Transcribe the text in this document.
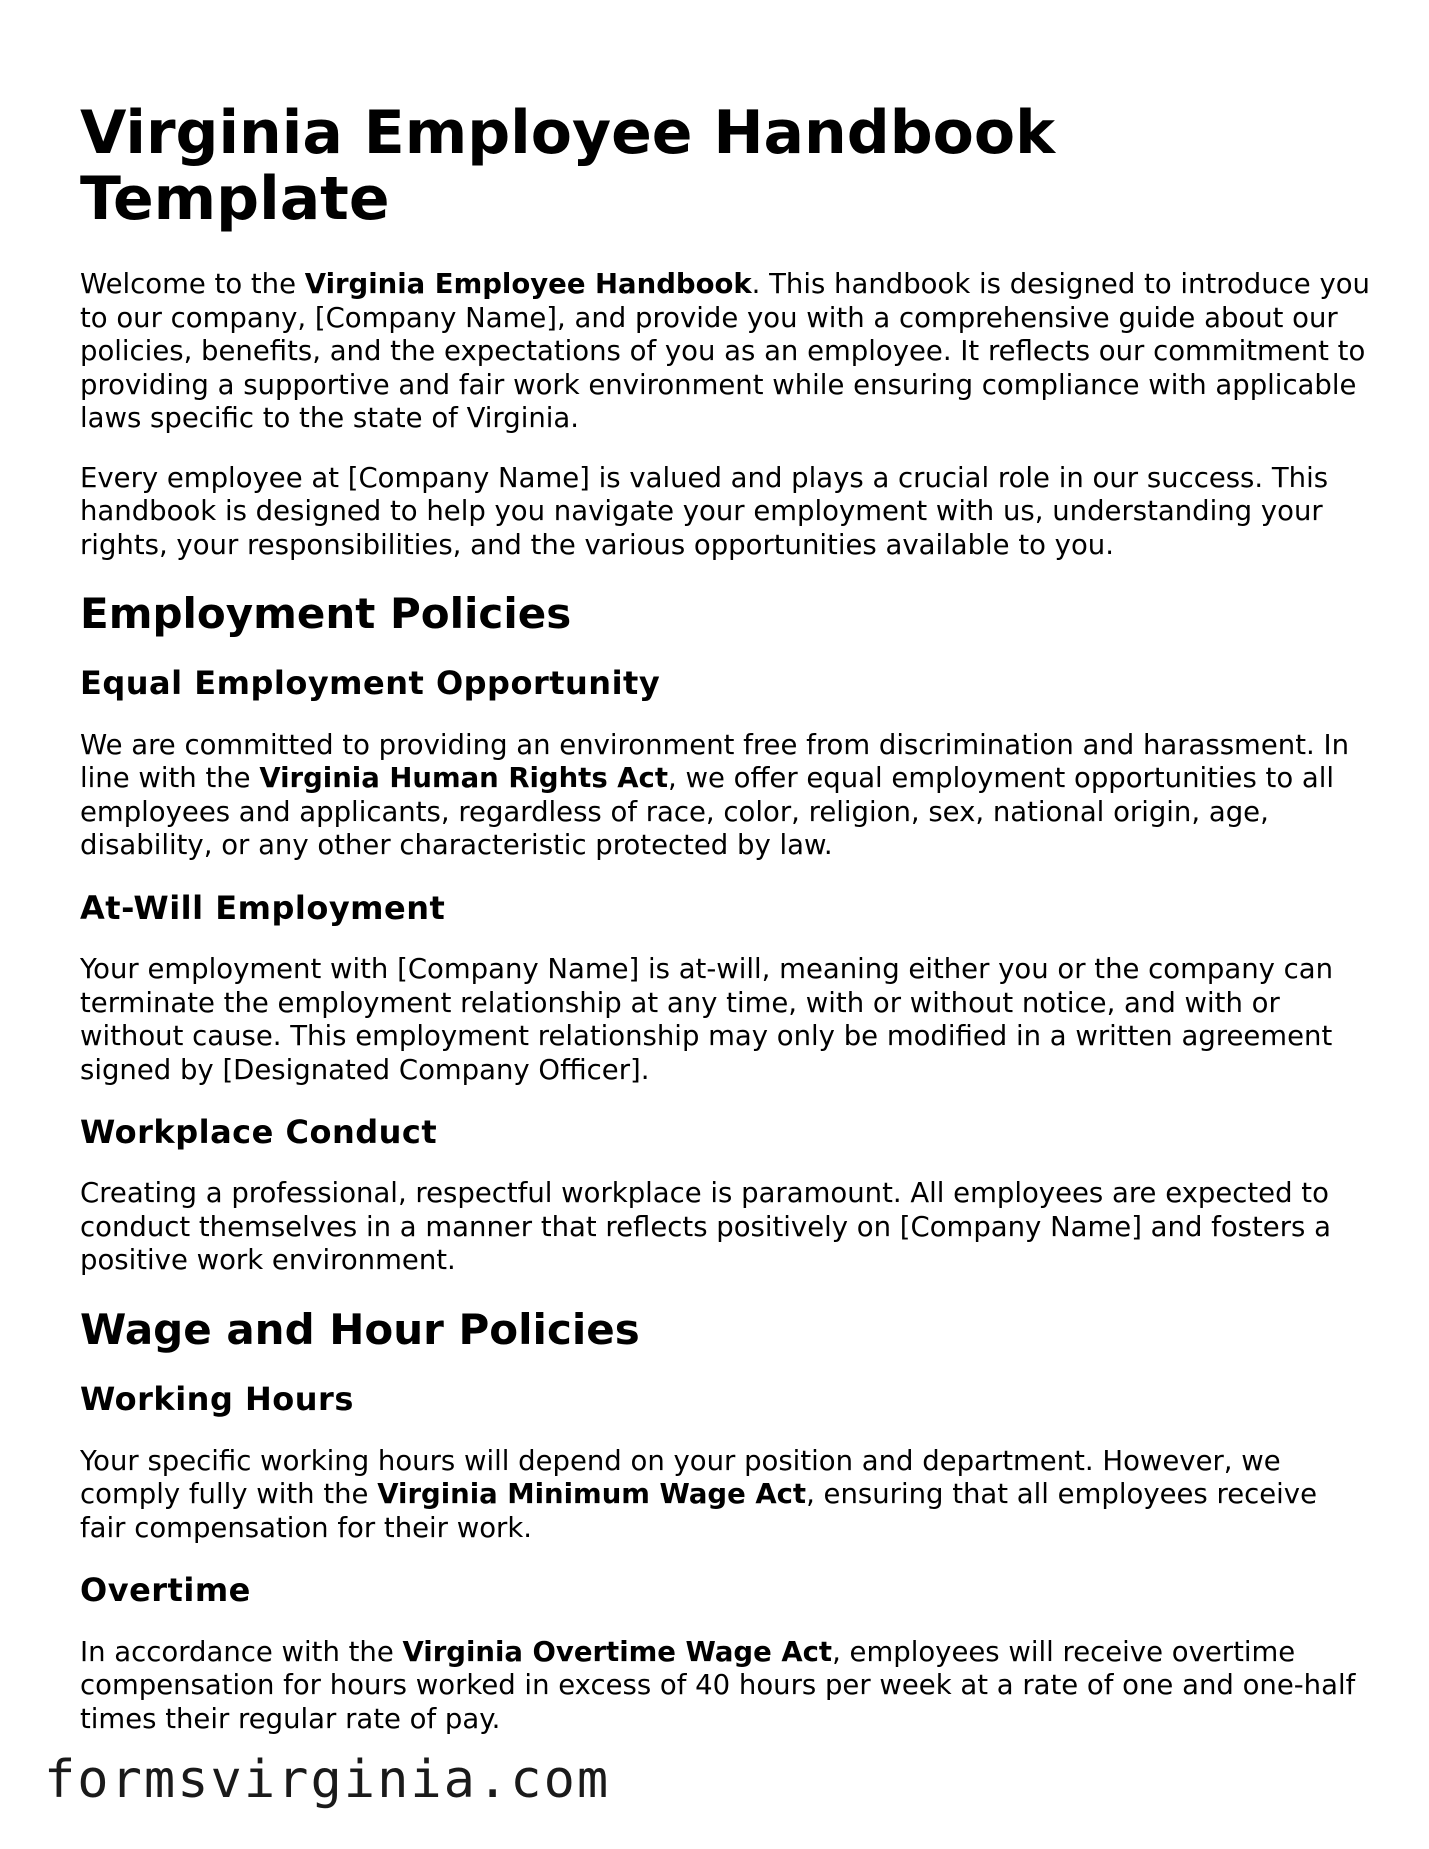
Virginia Employee Handbook Template

Welcome to the Virginia Employee Handbook. This handbook is designed to introduce you to our company, [Company Name], and provide you with a comprehensive guide about our policies, benefits, and the expectations of you as an employee. It reflects our commitment to providing a supportive and fair work environment while ensuring compliance with applicable laws specific to the state of Virginia.

Every employee at [Company Name] is valued and plays a crucial role in our success. This handbook is designed to help you navigate your employment with us, understanding your rights, your responsibilities, and the various opportunities available to you.

Employment Policies
Equal Employment Opportunity

We are committed to providing an environment free from discrimination and harassment. In line with the Virginia Human Rights Act, we offer equal employment opportunities to all employees and applicants, regardless of race, color, religion, sex, national origin, age, disability, or any other characteristic protected by law.

At-Will Employment

Your employment with [Company Name] is at-will, meaning either you or the company can terminate the employment relationship at any time, with or without notice, and with or without cause. This employment relationship may only be modified in a written agreement signed by [Designated Company Officer].

Workplace Conduct

Creating a professional, respectful workplace is paramount. All employees are expected to conduct themselves in a manner that reflects positively on [Company Name] and fosters a positive work environment.

Wage and Hour Policies
Working Hours

Your specific working hours will depend on your position and department. However, we comply fully with the Virginia Minimum Wage Act, ensuring that all employees receive fair compensation for their work.

Overtime

In accordance with the Virginia Overtime Wage Act, employees will receive overtime compensation for hours worked in excess of 40 hours per week at a rate of one and one-half times their regular rate of pay.

formsvirginia.com
